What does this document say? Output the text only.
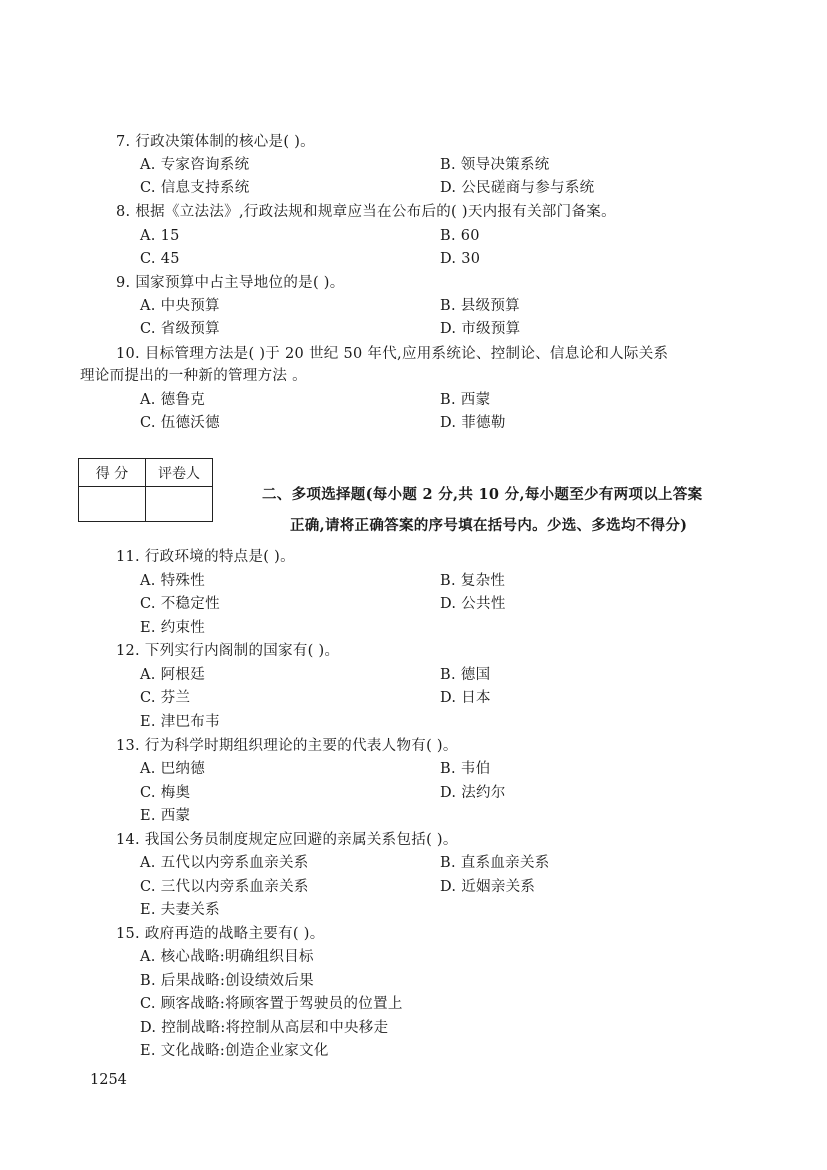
7. 行政决策体制的核心是( )。
A. 专家咨询系统	B. 领导决策系统
C. 信息支持系统	D. 公民磋商与参与系统
8. 根据《立法法》,行政法规和规章应当在公布后的( )天内报有关部门备案。
A. 15	B. 60
C. 45	D. 30
9. 国家预算中占主导地位的是( )。
A. 中央预算	B. 县级预算
C. 省级预算	D. 市级预算
10. 目标管理方法是( )于 20 世纪 50 年代,应用系统论、控制论、信息论和人际关系
理论而提出的一种新的管理方法 。
A. 德鲁克	B. 西蒙
C. 伍德沃德	D. 菲德勒
得 分	评卷人

二、多项选择题(每小题 2 分,共 10 分,每小题至少有两项以上答案
正确,请将正确答案的序号填在括号内。少选、多选均不得分)
11. 行政环境的特点是( )。
A. 特殊性	B. 复杂性
C. 不稳定性	D. 公共性
E. 约束性
12. 下列实行内阁制的国家有( )。
A. 阿根廷	B. 德国
C. 芬兰	D. 日本
E. 津巴布韦
13. 行为科学时期组织理论的主要的代表人物有( )。
A. 巴纳德	B. 韦伯
C. 梅奥	D. 法约尔
E. 西蒙
14. 我国公务员制度规定应回避的亲属关系包括( )。
A. 五代以内旁系血亲关系	B. 直系血亲关系
C. 三代以内旁系血亲关系	D. 近姻亲关系
E. 夫妻关系
15. 政府再造的战略主要有( )。
A. 核心战略:明确组织目标
B. 后果战略:创设绩效后果
C. 顾客战略:将顾客置于驾驶员的位置上
D. 控制战略:将控制从高层和中央移走
E. 文化战略:创造企业家文化
1254
